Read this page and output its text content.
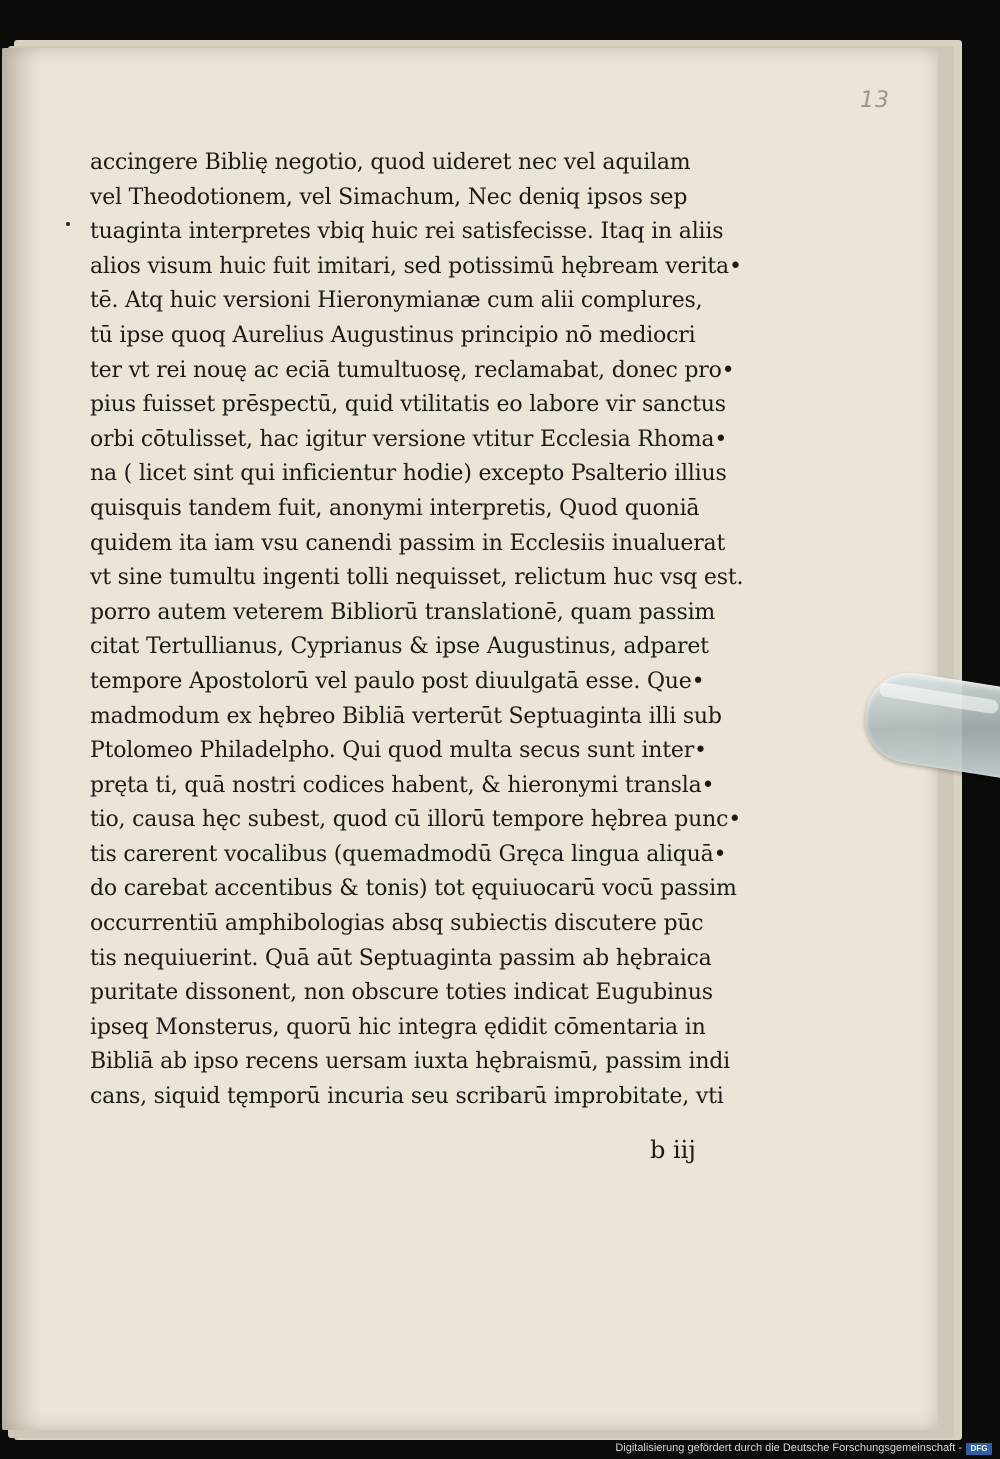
13
accingere Biblię negotio, quod uideret nec vel aquilam
vel Theodotionem, vel Simachum, Nec deniq ipsos sep
tuaginta interpretes vbiq huic rei satisfecisse. Itaq in aliis
alios visum huic fuit imitari, sed potissimū hębream verita•
tē. Atq huic versioni Hieronymianæ cum alii complures,
tū ipse quoq Aurelius Augustinus principio nō mediocri
ter vt rei nouę ac eciā tumultuosę, reclamabat, donec pro•
pius fuisset prēspectū, quid vtilitatis eo labore vir sanctus
orbi cōtulisset, hac igitur versione vtitur Ecclesia Rhoma•
na ( licet sint qui inficientur hodie) excepto Psalterio illius
quisquis tandem fuit, anonymi interpretis, Quod quoniā
quidem ita iam vsu canendi passim in Ecclesiis inualuerat
vt sine tumultu ingenti tolli nequisset, relictum huc vsq est.
porro autem veterem Bibliorū translationē, quam passim
citat Tertullianus, Cyprianus & ipse Augustinus, adparet
tempore Apostolorū vel paulo post diuulgatā esse. Que•
madmodum ex hębreo Bibliā verterūt Septuaginta illi sub
Ptolomeo Philadelpho. Qui quod multa secus sunt inter•
pręta ti, quā nostri codices habent, & hieronymi transla•
tio, causa hęc subest, quod cū illorū tempore hębrea punc•
tis carerent vocalibus (quemadmodū Gręca lingua aliquā•
do carebat accentibus & tonis) tot ęquiuocarū vocū passim
occurrentiū amphibologias absq subiectis discutere pūc
tis nequiuerint. Quā aūt Septuaginta passim ab hębraica
puritate dissonent, non obscure toties indicat Eugubinus
ipseq Monsterus, quorū hic integra ędidit cōmentaria in
Bibliā ab ipso recens uersam iuxta hębraismū, passim indi
cans, siquid tęmporū incuria seu scribarū improbitate, vti
b iij
Digitalisierung gefördert durch die Deutsche Forschungsgemeinschaft -	DFG
